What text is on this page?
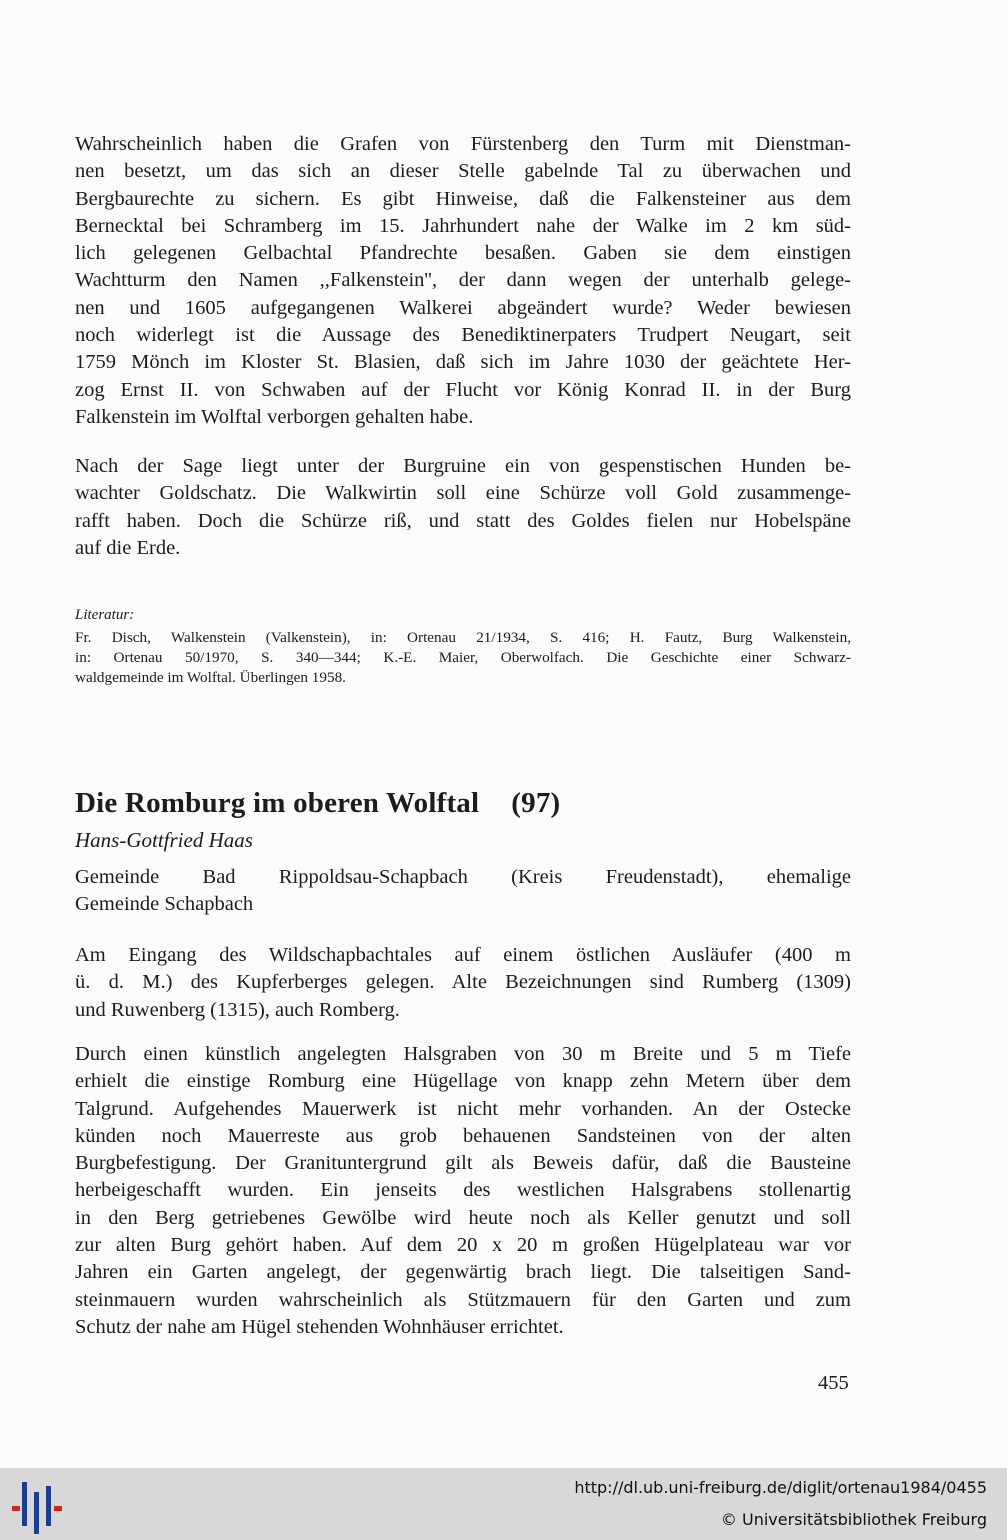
Wahrscheinlich haben die Grafen von Fürstenberg den Turm mit Dienstman-
nen besetzt, um das sich an dieser Stelle gabelnde Tal zu überwachen und
Bergbaurechte zu sichern. Es gibt Hinweise, daß die Falkensteiner aus dem
Bernecktal bei Schramberg im 15. Jahrhundert nahe der Walke im 2 km süd-
lich gelegenen Gelbachtal Pfandrechte besaßen. Gaben sie dem einstigen
Wachtturm den Namen ,,Falkenstein'', der dann wegen der unterhalb gelege-
nen und 1605 aufgegangenen Walkerei abgeändert wurde? Weder bewiesen
noch widerlegt ist die Aussage des Benediktinerpaters Trudpert Neugart, seit
1759 Mönch im Kloster St. Blasien, daß sich im Jahre 1030 der geächtete Her-
zog Ernst II. von Schwaben auf der Flucht vor König Konrad II. in der Burg
Falkenstein im Wolftal verborgen gehalten habe.

Nach der Sage liegt unter der Burgruine ein von gespenstischen Hunden be-
wachter Goldschatz. Die Walkwirtin soll eine Schürze voll Gold zusammenge-
rafft haben. Doch die Schürze riß, und statt des Goldes fielen nur Hobelspäne
auf die Erde.

Literatur:

Fr. Disch, Walkenstein (Valkenstein), in: Ortenau 21/1934, S. 416; H. Fautz, Burg Walkenstein,
in: Ortenau 50/1970, S. 340—344; K.-E. Maier, Oberwolfach. Die Geschichte einer Schwarz-
waldgemeinde im Wolftal. Überlingen 1958.

Die Romburg im oberen Wolftal (97)

Hans-Gottfried Haas

Gemeinde Bad Rippoldsau-Schapbach (Kreis Freudenstadt), ehemalige
Gemeinde Schapbach

Am Eingang des Wildschapbachtales auf einem östlichen Ausläufer (400 m
ü. d. M.) des Kupferberges gelegen. Alte Bezeichnungen sind Rumberg (1309)
und Ruwenberg (1315), auch Romberg.

Durch einen künstlich angelegten Halsgraben von 30 m Breite und 5 m Tiefe
erhielt die einstige Romburg eine Hügellage von knapp zehn Metern über dem
Talgrund. Aufgehendes Mauerwerk ist nicht mehr vorhanden. An der Ostecke
künden noch Mauerreste aus grob behauenen Sandsteinen von der alten
Burgbefestigung. Der Granituntergrund gilt als Beweis dafür, daß die Bausteine
herbeigeschafft wurden. Ein jenseits des westlichen Halsgrabens stollenartig
in den Berg getriebenes Gewölbe wird heute noch als Keller genutzt und soll
zur alten Burg gehört haben. Auf dem 20 x 20 m großen Hügelplateau war vor
Jahren ein Garten angelegt, der gegenwärtig brach liegt. Die talseitigen Sand-
steinmauern wurden wahrscheinlich als Stützmauern für den Garten und zum
Schutz der nahe am Hügel stehenden Wohnhäuser errichtet.

455

http://dl.ub.uni-freiburg.de/diglit/ortenau1984/0455

© Universitätsbibliothek Freiburg
